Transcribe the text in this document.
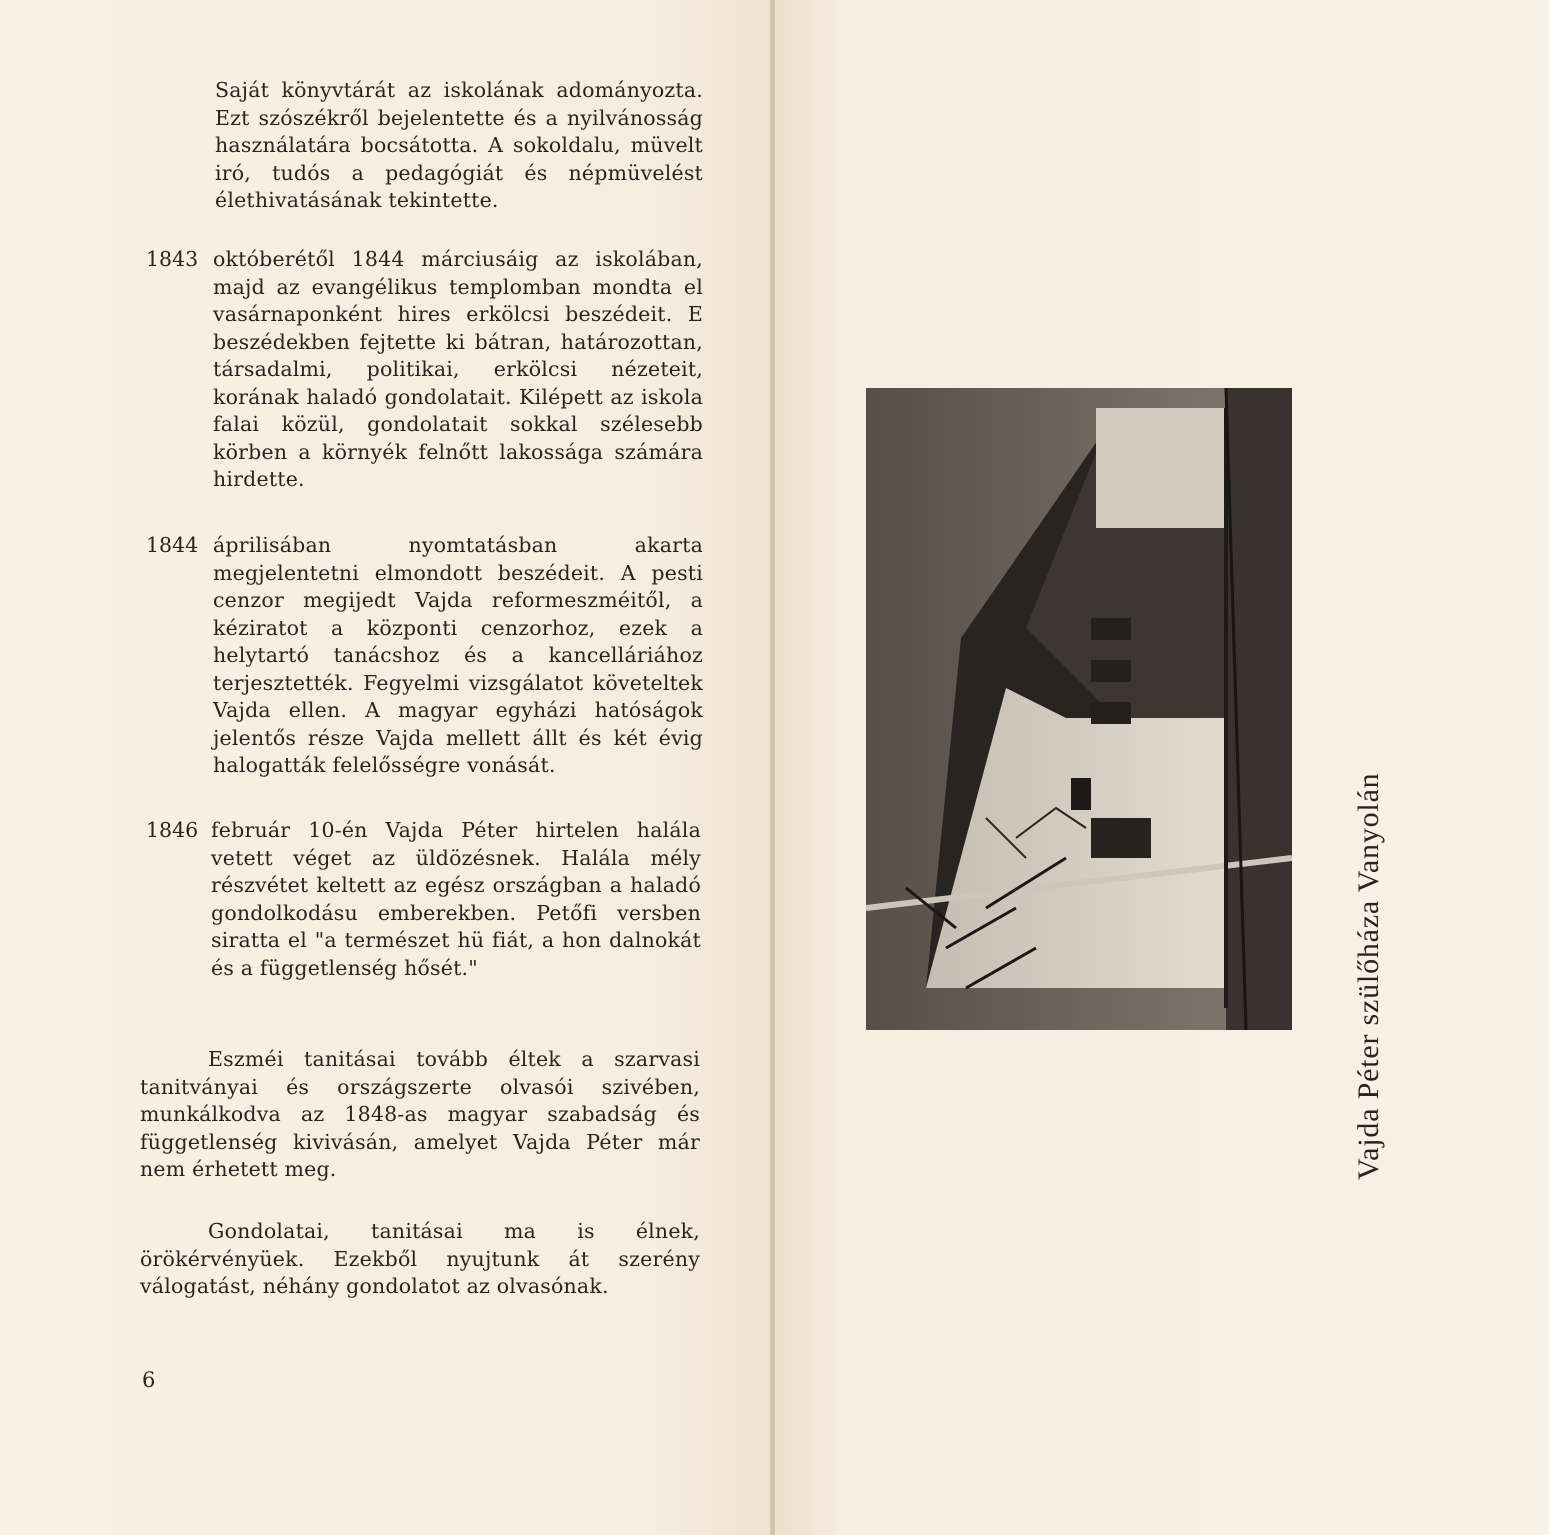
Saját könyvtárát az iskolának adományozta. Ezt szószékről bejelentette és a nyilvánosság használatára bocsátotta. A sokoldalu, müvelt iró, tudós a pedagógiát és népmüvelést élethivatásának tekintette.
1843 októberétől 1844 márciusáig az iskolában, majd az evangélikus templomban mondta el vasárnaponként hires erkölcsi beszédeit. E beszédekben fejtette ki bátran, határozottan, társadalmi, politikai, erkölcsi nézeteit, korának haladó gondolatait. Kilépett az iskola falai közül, gondolatait sokkal szélesebb körben a környék felnőtt lakossága számára hirdette.
1844 áprilisában nyomtatásban akarta megjelentetni elmondott beszédeit. A pesti cenzor megijedt Vajda reformeszméitől, a kéziratot a központi cenzorhoz, ezek a helytartó tanácshoz és a kancelláriához terjesztették. Fegyelmi vizsgálatot követeltek Vajda ellen. A magyar egyházi hatóságok jelentős része Vajda mellett állt és két évig halogatták felelősségre vonását.
1846 február 10-én Vajda Péter hirtelen halála vetett véget az üldözésnek. Halála mély részvétet keltett az egész országban a haladó gondolkodásu emberekben. Petőfi versben siratta el "a természet hü fiát, a hon dalnokát és a függetlenség hősét."
Eszméi tanitásai tovább éltek a szarvasi tanitványai és országszerte olvasói szivében, munkálkodva az 1848-as magyar szabadság és függetlenség kivivásán, amelyet Vajda Péter már nem érhetett meg.
Gondolatai, tanitásai ma is élnek, örökérvényüek. Ezekből nyujtunk át szerény válogatást, néhány gondolatot az olvasónak.
6
Vajda Péter szülőháza Vanyolán
